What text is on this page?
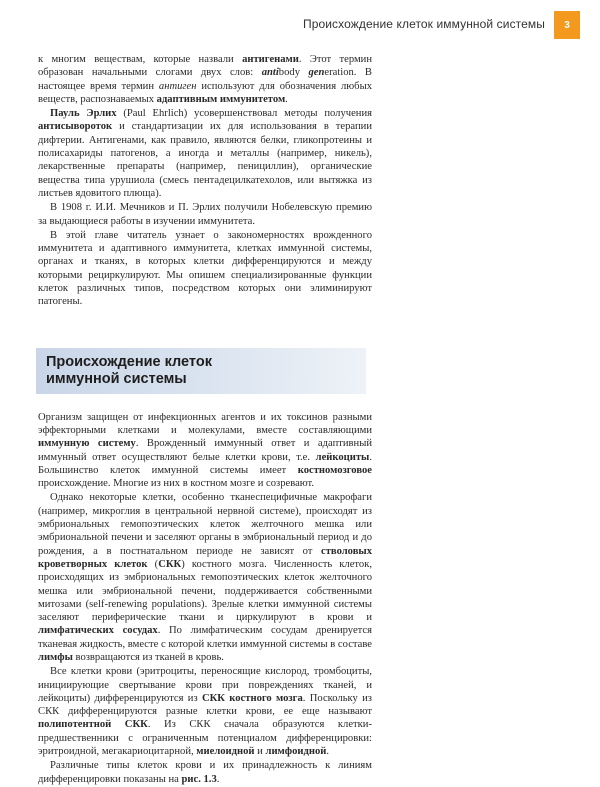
Происхождение клеток иммунной системы	3

к многим веществам, которые назвали антигенами. Этот термин образован начальными слогами двух слов: antibody generation. В настоящее время термин антиген используют для обозначения любых веществ, распознаваемых адаптивным иммунитетом.

Пауль Эрлих (Paul Ehrlich) усовершенствовал методы получения антисывороток и стандартизации их для использования в терапии дифтерии. Антигенами, как правило, являются белки, гликопротеины и полисахариды патогенов, а иногда и металлы (например, никель), лекарственные препараты (например, пенициллин), органические вещества типа урушиола (смесь пентадецилкатехолов, или вытяжка из листьев ядовитого плюща).

В 1908 г. И.И. Мечников и П. Эрлих получили Нобелевскую премию за выдающиеся работы в изучении иммунитета.

В этой главе читатель узнает о закономерностях врожденного иммунитета и адаптивного иммунитета, клетках иммунной системы, органах и тканях, в которых клетки дифференцируются и между которыми рециркулируют. Мы опишем специализированные функции клеток различных типов, посредством которых они элиминируют патогены.

Происхождение клеток
иммунной системы

Организм защищен от инфекционных агентов и их токсинов разными эффекторными клетками и молекулами, вместе составляющими иммунную систему. Врожденный иммунный ответ и адаптивный иммунный ответ осуществляют белые клетки крови, т.е. лейкоциты. Большинство клеток иммунной системы имеет костномозговое происхождение. Многие из них в костном мозге и созревают.

Однако некоторые клетки, особенно тканеспецифичные макрофаги (например, микроглия в центральной нервной системе), происходят из эмбриональных гемопоэтических клеток желточного мешка или эмбриональной печени и заселяют органы в эмбриональный период и до рождения, а в постнатальном периоде не зависят от стволовых кроветворных клеток (СКК) костного мозга. Численность клеток, происходящих из эмбриональных гемопоэтических клеток желточного мешка или эмбриональной печени, поддерживается собственными митозами (self-renewing populations). Зрелые клетки иммунной системы заселяют периферические ткани и циркулируют в крови и лимфатических сосудах. По лимфатическим сосудам дренируется тканевая жидкость, вместе с которой клетки иммунной системы в составе лимфы возвращаются из тканей в кровь.

Все клетки крови (эритроциты, переносящие кислород, тромбоциты, инициирующие свертывание крови при повреждениях тканей, и лейкоциты) дифференцируются из СКК костного мозга. Поскольку из СКК дифференцируются разные клетки крови, ее еще называют полипотентной СКК. Из СКК сначала образуются клетки-предшественники с ограниченным потенциалом дифференцировки: эритроидной, мегакариоцитарной, миелоидной и лимфоидной.

Различные типы клеток крови и их принадлежность к линиям дифференцировки показаны на рис. 1.3.
